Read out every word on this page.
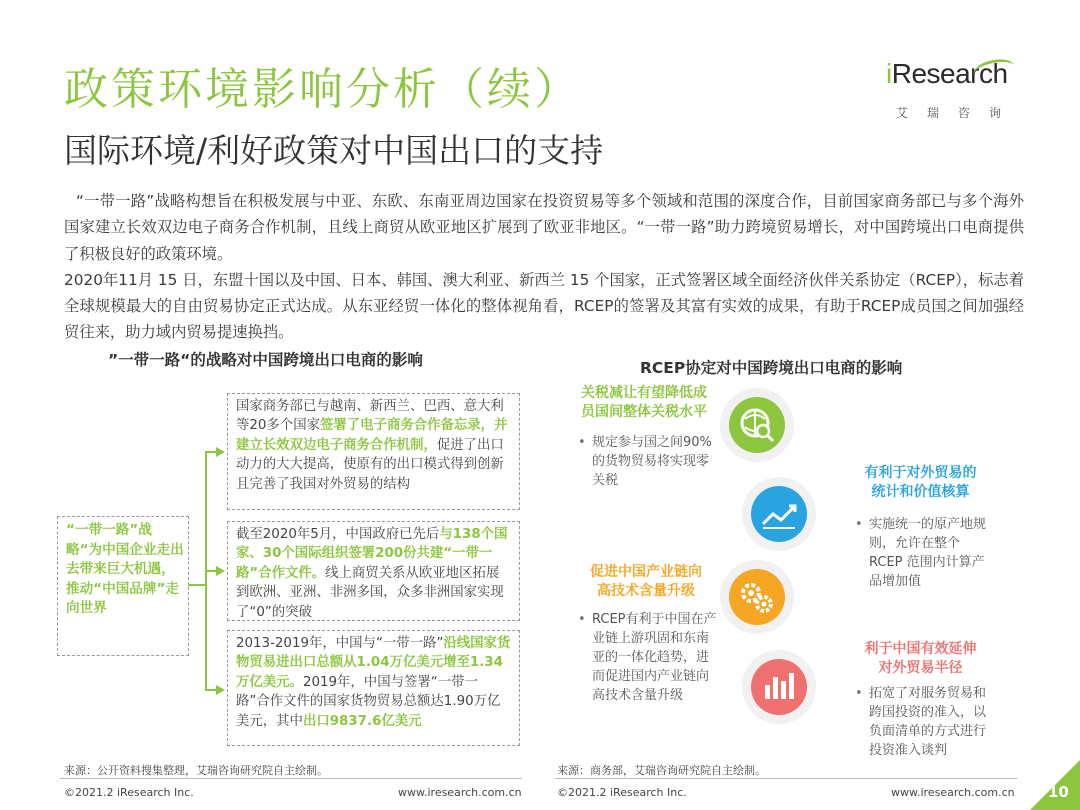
政策环境影响分析（续）
国际环境/利好政策对中国出口的支持
iResearch
艾瑞咨询

“一带一路”战略构想旨在积极发展与中亚、东欧、东南亚周边国家在投资贸易等多个领域和范围的深度合作，目前国家商务部已与多个海外国家建立长效双边电子商务合作机制，且线上商贸从欧亚地区扩展到了欧亚非地区。“一带一路”助力跨境贸易增长，对中国跨境出口电商提供了积极良好的政策环境。

2020年11月 15 日，东盟十国以及中国、日本、韩国、澳大利亚、新西兰 15 个国家，正式签署区域全面经济伙伴关系协定（RCEP），标志着全球规模最大的自由贸易协定正式达成。从东亚经贸一体化的整体视角看，RCEP的签署及其富有实效的成果，有助于RCEP成员国之间加强经贸往来，助力域内贸易提速换挡。

”一带一路“的战略对中国跨境出口电商的影响
“一带一路”战略“为中国企业走出去带来巨大机遇，推动“中国品牌”走向世界
国家商务部已与越南、新西兰、巴西、意大利等20多个国家签署了电子商务合作备忘录，并建立长效双边电子商务合作机制，促进了出口动力的大大提高，使原有的出口模式得到创新且完善了我国对外贸易的结构
截至2020年5月，中国政府已先后与138个国家、30个国际组织签署200份共建“一带一路”合作文件。线上商贸关系从欧亚地区拓展到欧洲、亚洲、非洲多国，众多非洲国家实现了“0”的突破
2013-2019年，中国与“一带一路”沿线国家货物贸易进出口总额从1.04万亿美元增至1.34万亿美元。2019年，中国与签署“一带一路”合作文件的国家货物贸易总额达1.90万亿美元，其中出口9837.6亿美元
来源：公开资料搜集整理，艾瑞咨询研究院自主绘制。
RCEP协定对中国跨境出口电商的影响
关税减让有望降低成
员国间整体关税水平
• 规定参与国之间90%的货物贸易将实现零关税	有利于对外贸易的
统计和价值核算
• 实施统一的原产地规则，允许在整个RCEP 范围内计算产品增加值
促进中国产业链向
高技术含量升级
• RCEP有利于中国在产业链上游巩固和东南亚的一体化趋势，进而促进国内产业链向高技术含量升级
利于中国有效延伸
对外贸易半径
• 拓宽了对服务贸易和跨国投资的准入，以负面清单的方式进行投资准入谈判
来源：商务部，艾瑞咨询研究院自主绘制。
©2021.2 iResearch Inc.	www.iresearch.com.cn	©2021.2 iResearch Inc.	www.iresearch.com.cn 10
